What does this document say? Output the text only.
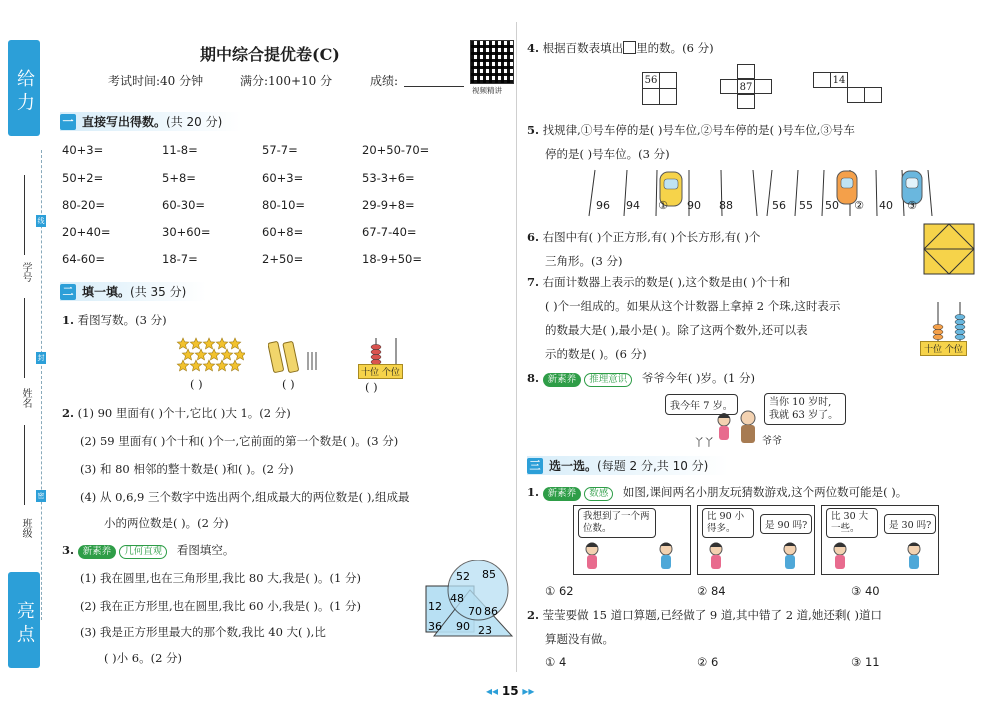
给 力
亮 点
线
封
密
学号
姓名
班级
期中综合提优卷(C)
考试时间:40 分钟	满分:100+10 分	成绩:
视频精讲
一 直接写出得数。 (共 20 分)
40+3=	11-8=	57-7=	20+50-70=
50+2=	5+8=	60+3=	53-3+6=
80-20=	60-30=	80-10=	29-9+8=
20+40=	30+60=	60+8=	67-7-40=
64-60=	18-7=	2+50=	18-9+50=
二 填一填。 (共 35 分)
1. 看图写数。(3 分)
( )	( )
十位 个位
( )
2. (1) 90 里面有( )个十,它比( )大 1。(2 分)
(2) 59 里面有( )个十和( )个一,它前面的第一个数是( )。(3 分)
(3) 和 80 相邻的整十数是( )和( )。(2 分)
(4) 从 0,6,9 三个数字中选出两个,组成最大的两位数是( ),组成最
小的两位数是( )。(2 分)
3. 新素养 几何直观 看图填空。
(1) 我在圆里,也在三角形里,我比 80 大,我是( )。(1 分)
(2) 我在正方形里,也在圆里,我比 60 小,我是( )。(1 分)
(3) 我是正方形里最大的那个数,我比 40 大( ),比
( )小 6。(2 分)
52 85
48
12 70 86
36 90 23
4. 根据百数表填出 里的数。(6 分)
56
87
14
5. 找规律,①号车停的是( )号车位,②号车停的是( )号车位,③号车
停的是( )号车位。(3 分)
96	94	①	90	88	56	55	50	②	40	③
6. 右图中有( )个正方形,有( )个长方形,有( )个
三角形。(3 分)
7. 右面计数器上表示的数是( ),这个数是由( )个十和
( )个一组成的。如果从这个计数器上拿掉 2 个珠,这时表示
的数最大是( ),最小是( )。除了这两个数外,还可以表
示的数是( )。(6 分)	十位 个位
8. 新素养 推理意识 爷爷今年( )岁。(1 分)
我今年 7 岁。	当你 10 岁时,
我就 63 岁了。
丫丫	爷爷
三 选一选。 (每题 2 分,共 10 分)
1. 新素养 数感 如图,课间两名小朋友玩猜数游戏,这个两位数可能是( )。
我想到了一个两位数。
比 90 小得多。	是 90 吗?
比 30 大一些。	是 30 吗?
① 62	② 84	③ 40
2. 莹莹要做 15 道口算题,已经做了 9 道,其中错了 2 道,她还剩( )道口
算题没有做。
① 4	② 6	③ 11
◂◂ 15 ▸▸
